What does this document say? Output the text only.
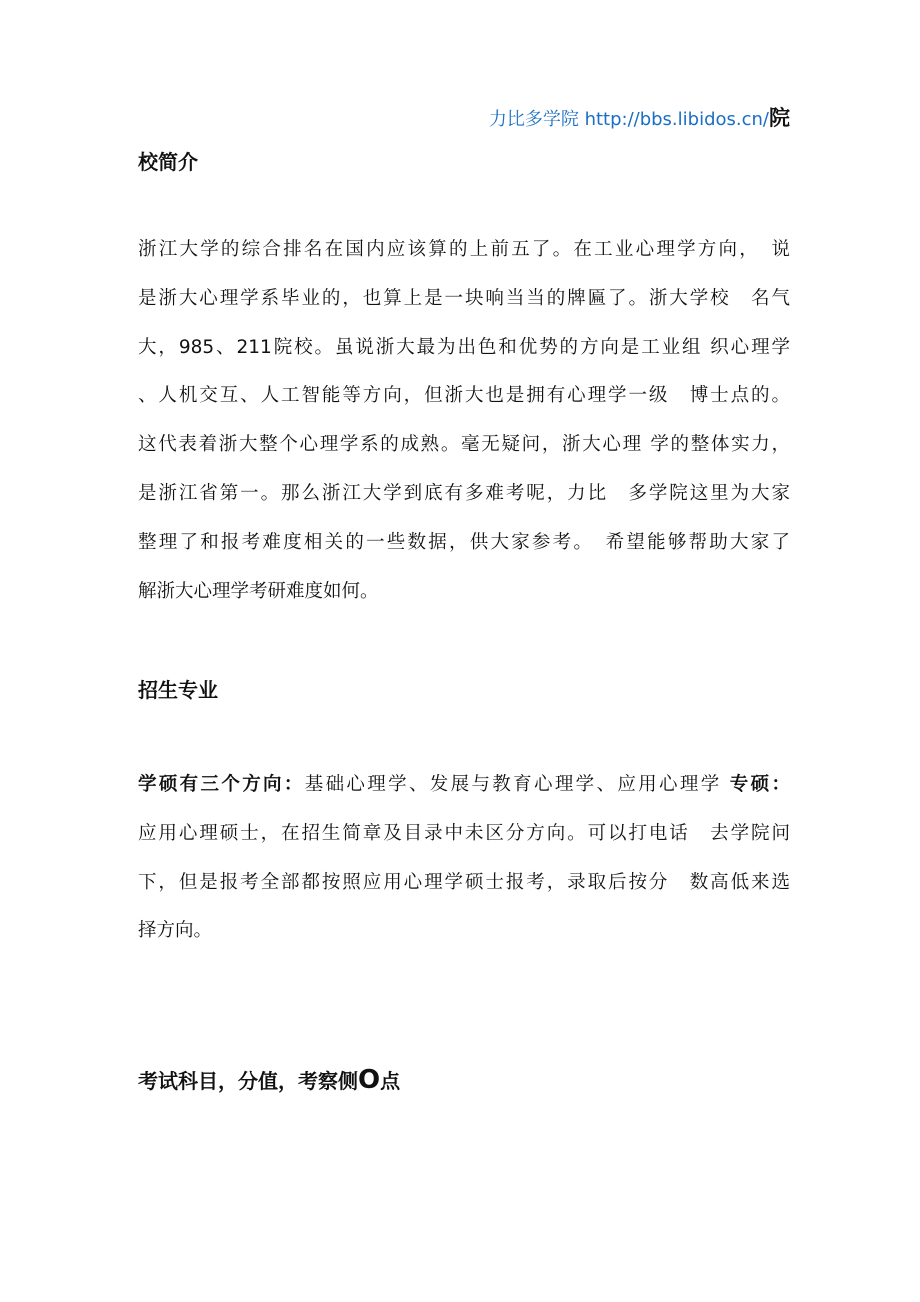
力比多学院 http://bbs.libidos.cn/院
校简介
浙江大学的综合排名在国内应该算的上前五了。在工业心理学方向，　说
是浙大心理学系毕业的，也算上是一块响当当的牌匾了。浙大学校　名气
大，985、211院校。虽说浙大最为出色和优势的方向是工业组 织心理学
、人机交互、人工智能等方向，但浙大也是拥有心理学一级　博士点的。
这代表着浙大整个心理学系的成熟。毫无疑问，浙大心理 学的整体实力，
是浙江省第一。那么浙江大学到底有多难考呢，力比　多学院这里为大家
整理了和报考难度相关的一些数据，供大家参考。　希望能够帮助大家了
解浙大心理学考研难度如何。
招生专业
学硕有三个方向：基础心理学、发展与教育心理学、应用心理学 专硕：
应用心理硕士，在招生简章及目录中未区分方向。可以打电话　去学院问
下，但是报考全部都按照应用心理学硕士报考，录取后按分　数高低来选
择方向。
考试科目，分值，考察侧O点
